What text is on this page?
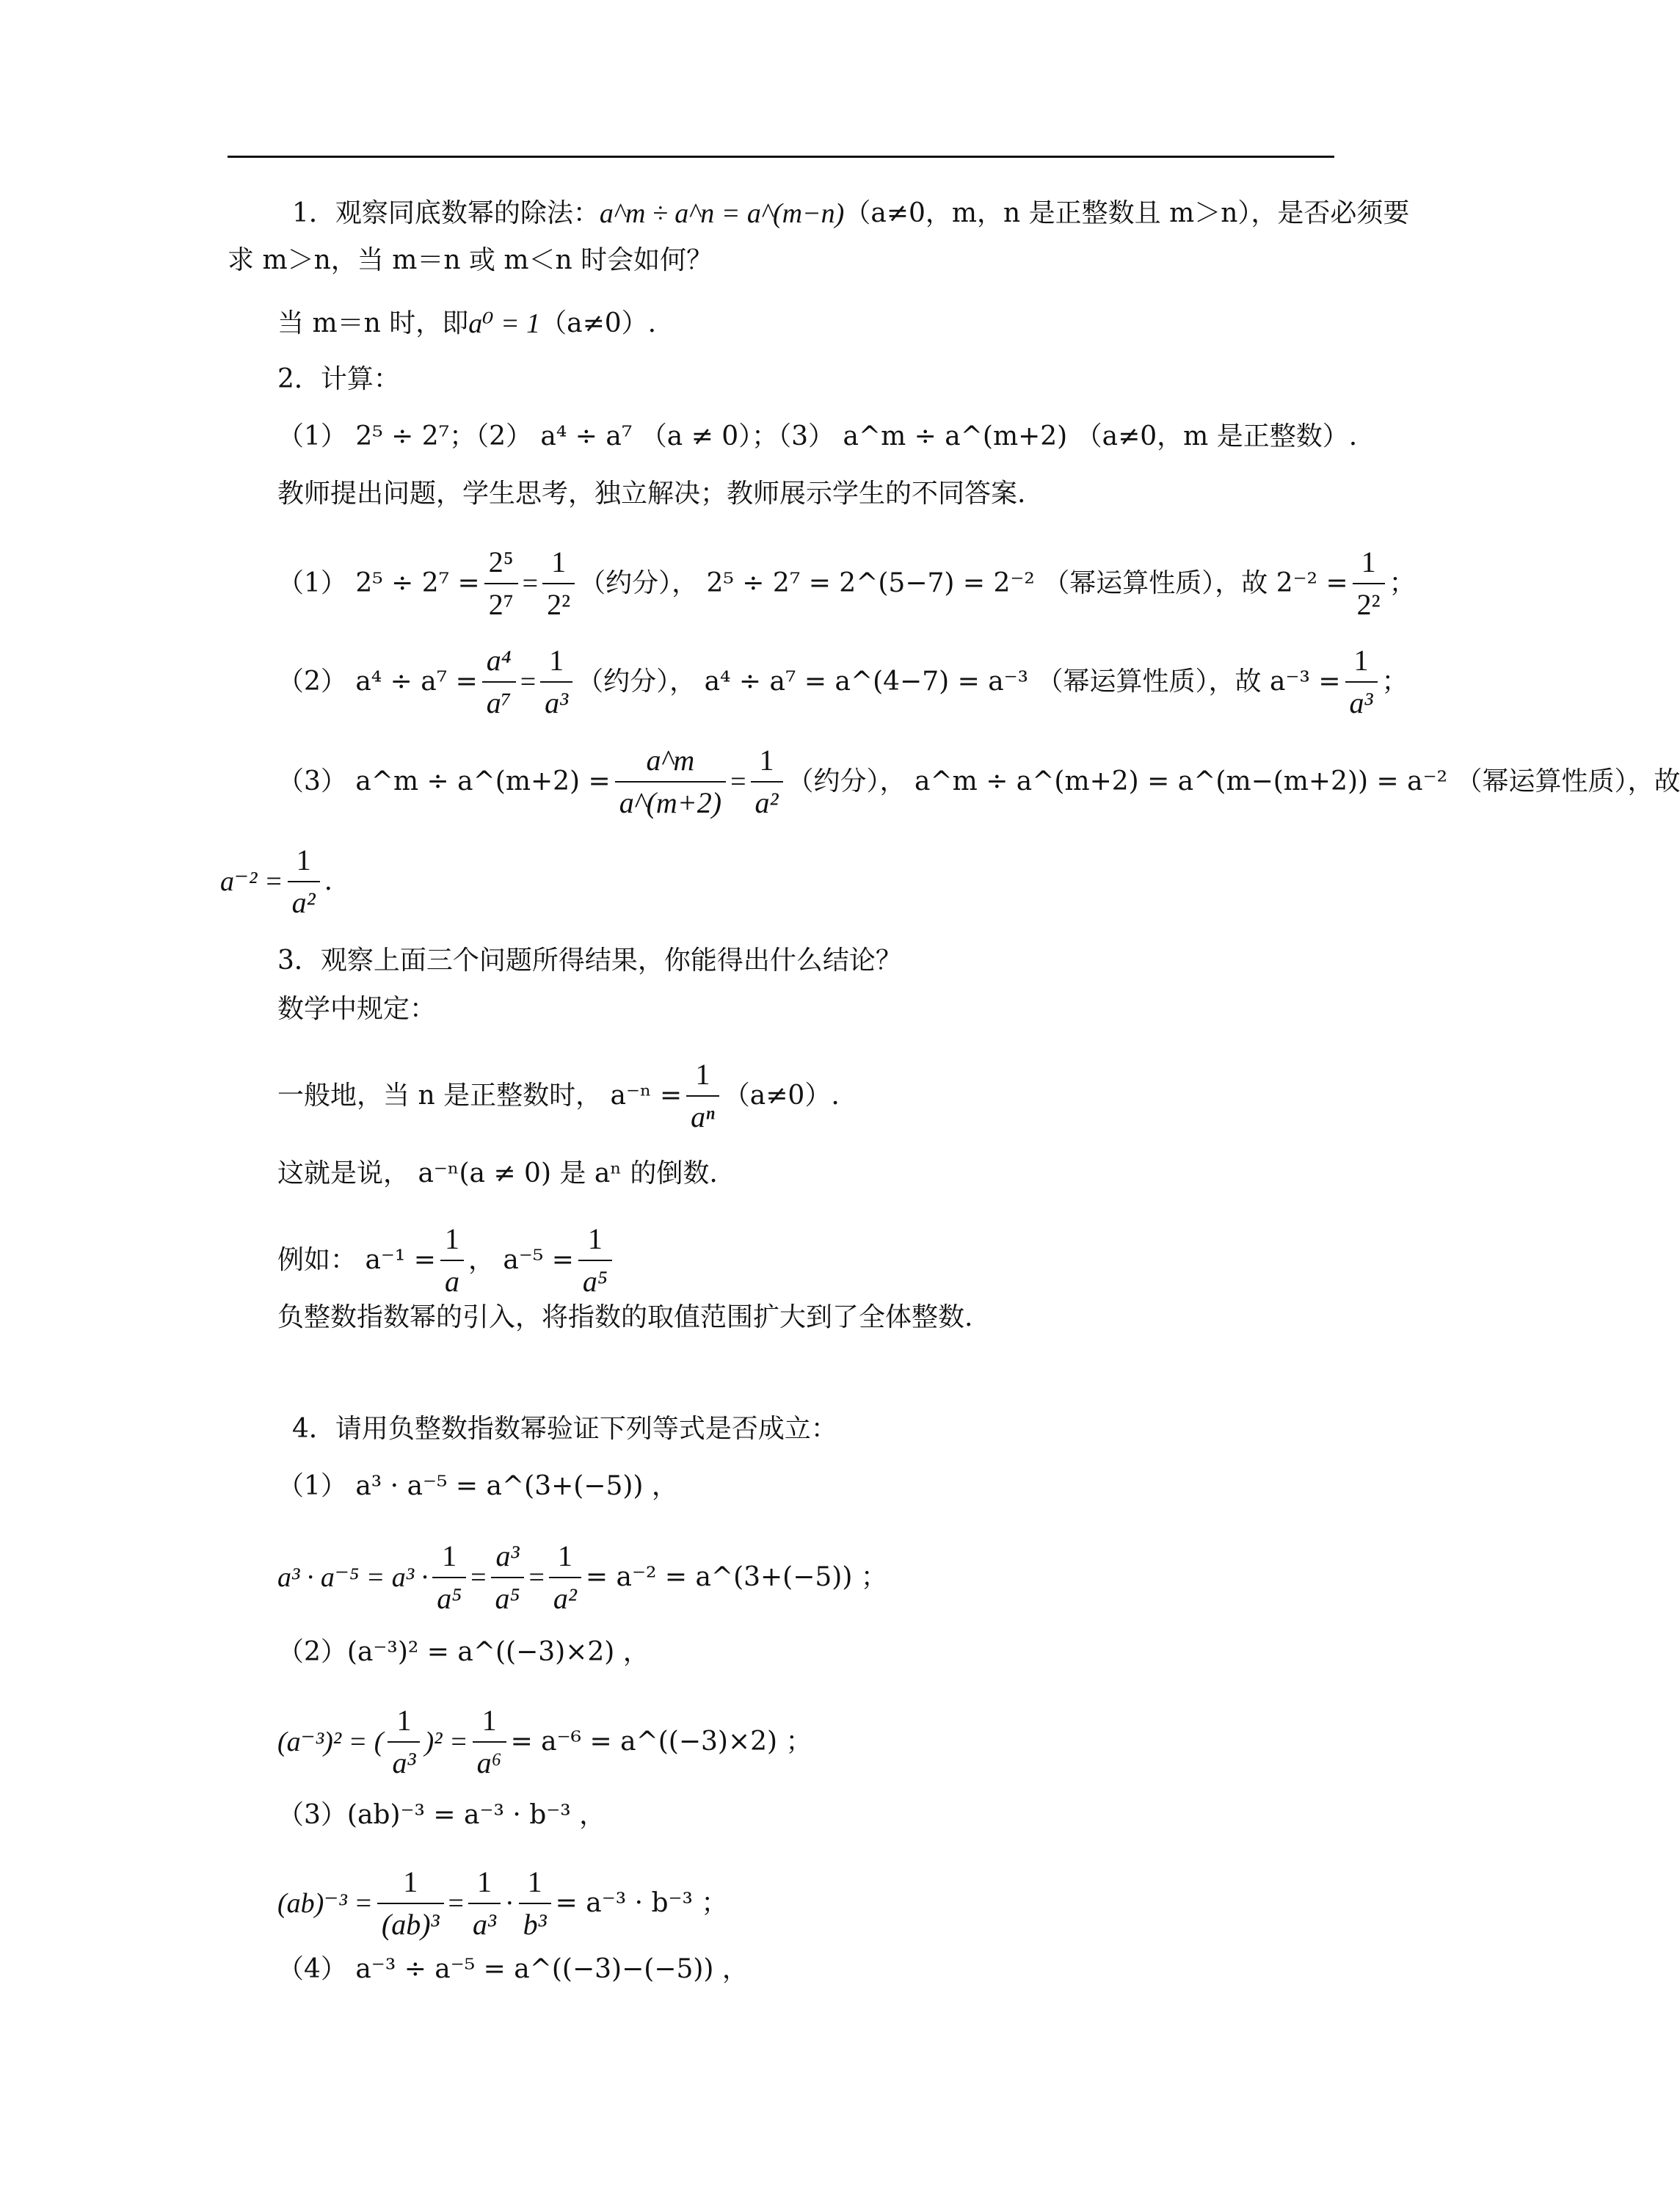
1．观察同底数幂的除法： a^m ÷ a^n = a^(m−n) （a≠0，m，n 是正整数且 m＞n），是否必须要
求 m＞n，当 m＝n 或 m＜n 时会如何？
当 m＝n 时，即 a⁰ = 1 （a≠0）.
2．计算：
（1） 2⁵ ÷ 2⁷；（2） a⁴ ÷ a⁷ （a ≠ 0）；（3） a^m ÷ a^(m+2) （a≠0，m 是正整数）.
教师提出问题，学生思考，独立解决；教师展示学生的不同答案.
（1） $2^5 \div 2^7 = \frac{\text{2⁵}}{\text{2⁷}} = \frac{1}{\text{2²}}$ （约分）， 2⁵ ÷ 2⁷ = 2^(5−7) = 2⁻² （幂运算性质），故 $2^{-2} = \frac{1}{\text{2²}}$ ；
（2） $a^4 \div a^7 = \frac{\text{a⁴}}{\text{a⁷}} = \frac{1}{\text{a³}}$ （约分）， a⁴ ÷ a⁷ = a^(4−7) = a⁻³ （幂运算性质），故 $a^{-3} = \frac{1}{\text{a³}}$ ；
（3） a^m ÷ a^(m+2) = $\frac{a\^{}m}{a\^{}(m+2)} = \frac{1}{\text{a²}}$ （约分）， a^m ÷ a^(m+2) = a^(m−(m+2)) = a⁻² （幂运算性质），故
$a^{-2} = \frac{1}{\text{a²}}$ .
3．观察上面三个问题所得结果，你能得出什么结论？
数学中规定：
一般地，当 n 是正整数时， $a^{-n} = \frac{1}{\text{aⁿ}} (a\ne 0)$.
这就是说， a⁻ⁿ(a ≠ 0) 是 aⁿ 的倒数.
例如： $a^{-1} = \frac{1}{a}$ ， $a^{-5} = \frac{1}{\text{a⁵}}$
负整数指数幂的引入，将指数的取值范围扩大到了全体整数.
4．请用负整数指数幂验证下列等式是否成立：
（1） a³ · a⁻⁵ = a^(3+(−5)) ，
$a^3 \cdot a^{-5} = a^3 \cdot \frac{1}{\text{a⁵}} = \frac{\text{a³}}{\text{a⁵}} = \frac{1}{\text{a²}} = a^{-2}$ = a^(3+(−5)) ；
（2）(a⁻³)² = a^((−3)×2) ，
(a⁻³)² = ( $\frac{1}{\text{a³}} )^2 = \frac{1}{\text{a⁶}} = a^{-6}$ = a^((−3)×2) ；
（3）(ab)⁻³ = a⁻³ · b⁻³ ，
$(ab)^{-3} = \frac{1}{\text{(ab)³}} = \frac{1}{\text{a³}} \cdot \frac{1}{\text{b³}} = a^{-3} \cdot b^{-3}$ ；
（4） a⁻³ ÷ a⁻⁵ = a^((−3)−(−5)) ，
